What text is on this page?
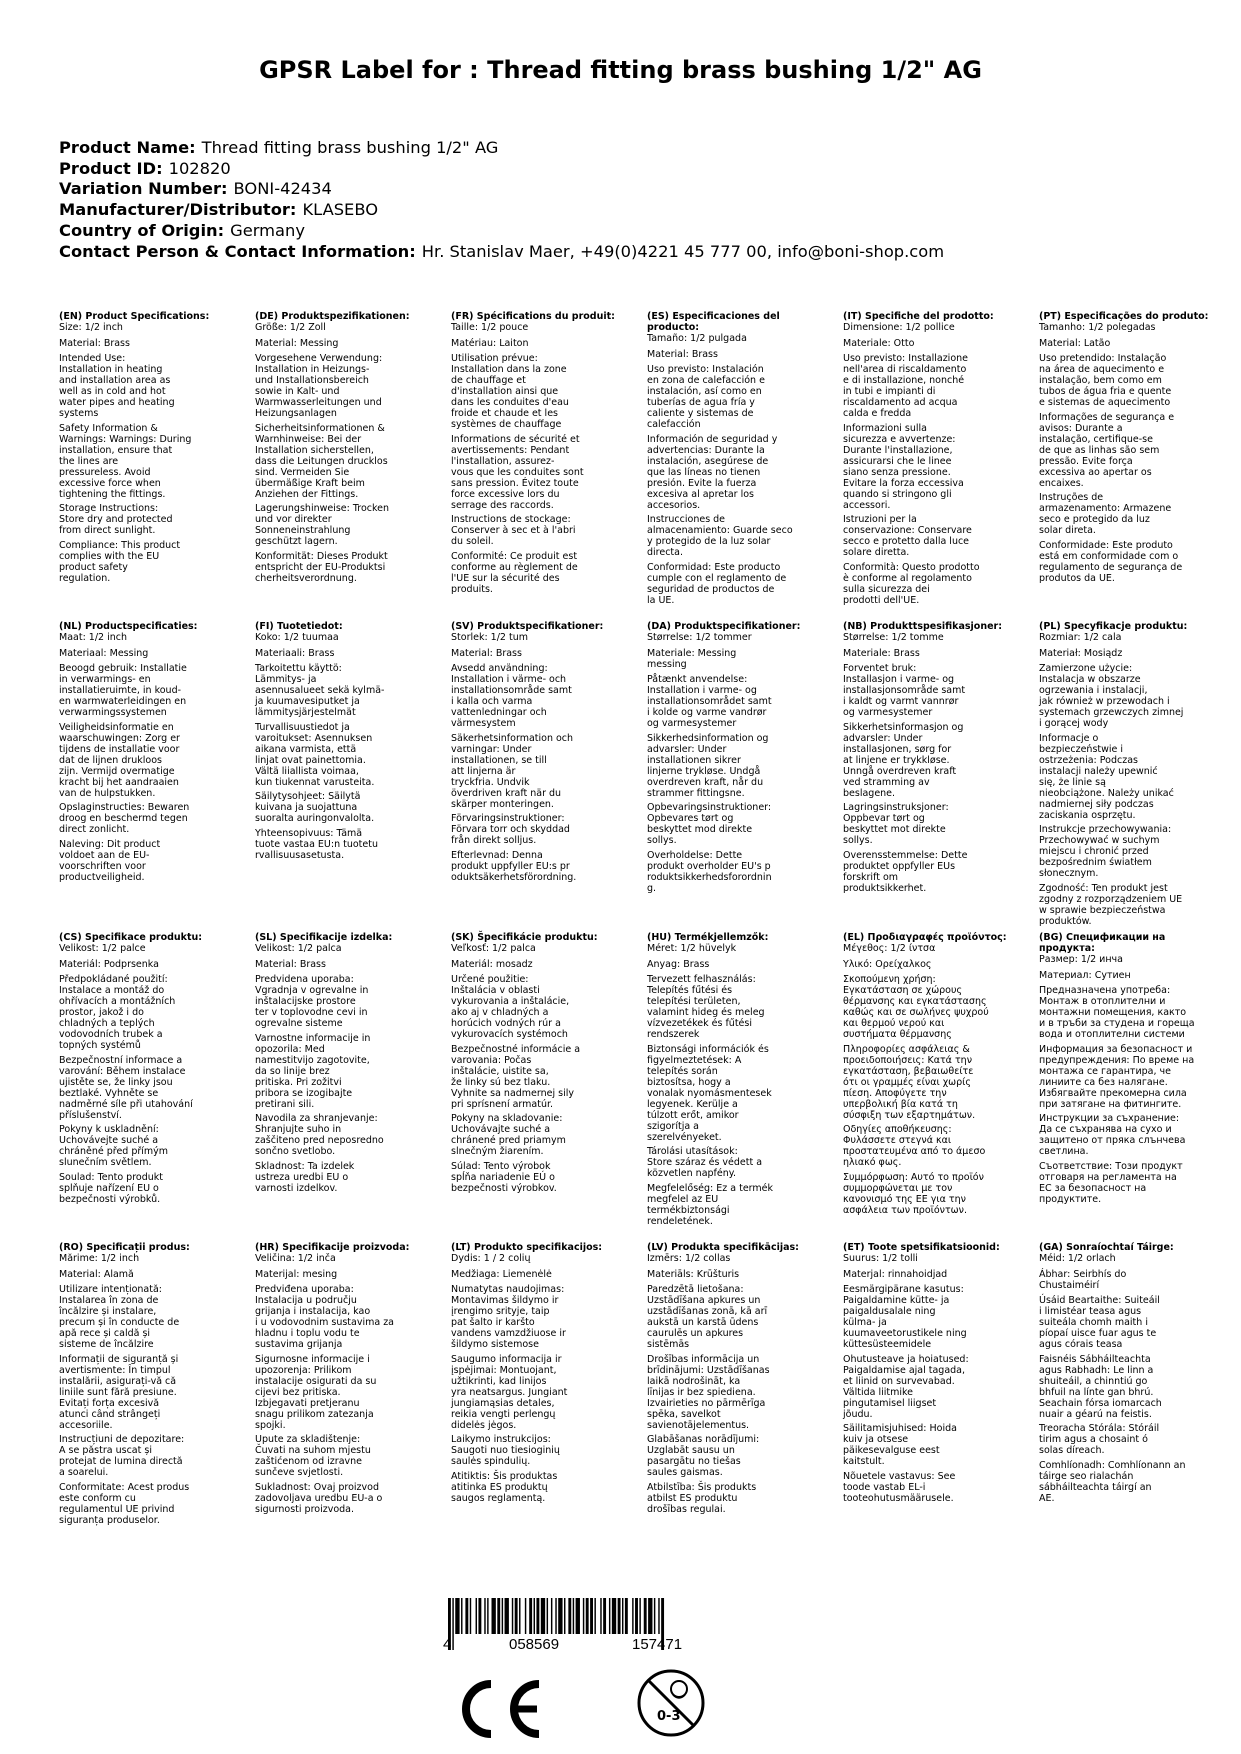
GPSR Label for : Thread fitting brass bushing 1/2" AG
Product Name: Thread fitting brass bushing 1/2" AG
Product ID: 102820
Variation Number: BONI-42434
Manufacturer/Distributor: KLASEBO
Country of Origin: Germany
Contact Person & Contact Information: Hr. Stanislav Maer, +49(0)4221 45 777 00, info@boni-shop.com
(EN) Product Specifications:
Size: 1/2 inch
Material: Brass
Intended Use:
Installation in heating
and installation area as
well as in cold and hot
water pipes and heating
systems
Safety Information &
Warnings: Warnings: During
installation, ensure that
the lines are
pressureless. Avoid
excessive force when
tightening the fittings.
Storage Instructions:
Store dry and protected
from direct sunlight.
Compliance: This product
complies with the EU
product safety
regulation.
(DE) Produktspezifikationen:
Größe: 1/2 Zoll
Material: Messing
Vorgesehene Verwendung:
Installation in Heizungs-
und Installationsbereich
sowie in Kalt- und
Warmwasserleitungen und
Heizungsanlagen
Sicherheitsinformationen &
Warnhinweise: Bei der
Installation sicherstellen,
dass die Leitungen drucklos
sind. Vermeiden Sie
übermäßige Kraft beim
Anziehen der Fittings.
Lagerungshinweise: Trocken
und vor direkter
Sonneneinstrahlung
geschützt lagern.
Konformität: Dieses Produkt
entspricht der EU-Produktsi
cherheitsverordnung.
(FR) Spécifications du produit:
Taille: 1/2 pouce
Matériau: Laiton
Utilisation prévue:
Installation dans la zone
de chauffage et
d'installation ainsi que
dans les conduites d'eau
froide et chaude et les
systèmes de chauffage
Informations de sécurité et
avertissements: Pendant
l'installation, assurez-
vous que les conduites sont
sans pression. Évitez toute
force excessive lors du
serrage des raccords.
Instructions de stockage:
Conserver à sec et à l'abri
du soleil.
Conformité: Ce produit est
conforme au règlement de
l'UE sur la sécurité des
produits.
(ES) Especificaciones del producto:
Tamaño: 1/2 pulgada
Material: Brass
Uso previsto: Instalación
en zona de calefacción e
instalación, así como en
tuberías de agua fría y
caliente y sistemas de
calefacción
Información de seguridad y
advertencias: Durante la
instalación, asegúrese de
que las líneas no tienen
presión. Evite la fuerza
excesiva al apretar los
accesorios.
Instrucciones de
almacenamiento: Guarde seco
y protegido de la luz solar
directa.
Conformidad: Este producto
cumple con el reglamento de
seguridad de productos de
la UE.
(IT) Specifiche del prodotto:
Dimensione: 1/2 pollice
Materiale: Otto
Uso previsto: Installazione
nell'area di riscaldamento
e di installazione, nonché
in tubi e impianti di
riscaldamento ad acqua
calda e fredda
Informazioni sulla
sicurezza e avvertenze:
Durante l'installazione,
assicurarsi che le linee
siano senza pressione.
Evitare la forza eccessiva
quando si stringono gli
accessori.
Istruzioni per la
conservazione: Conservare
secco e protetto dalla luce
solare diretta.
Conformità: Questo prodotto
è conforme al regolamento
sulla sicurezza dei
prodotti dell'UE.
(PT) Especificações do produto:
Tamanho: 1/2 polegadas
Material: Latão
Uso pretendido: Instalação
na área de aquecimento e
instalação, bem como em
tubos de água fria e quente
e sistemas de aquecimento
Informações de segurança e
avisos: Durante a
instalação, certifique-se
de que as linhas são sem
pressão. Evite força
excessiva ao apertar os
encaixes.
Instruções de
armazenamento: Armazene
seco e protegido da luz
solar direta.
Conformidade: Este produto
está em conformidade com o
regulamento de segurança de
produtos da UE.
(NL) Productspecificaties:
Maat: 1/2 inch
Materiaal: Messing
Beoogd gebruik: Installatie
in verwarmings- en
installatieruimte, in koud-
en warmwaterleidingen en
verwarmingssystemen
Veiligheidsinformatie en
waarschuwingen: Zorg er
tijdens de installatie voor
dat de lijnen drukloos
zijn. Vermijd overmatige
kracht bij het aandraaien
van de hulpstukken.
Opslaginstructies: Bewaren
droog en beschermd tegen
direct zonlicht.
Naleving: Dit product
voldoet aan de EU-
voorschriften voor
productveiligheid.
(FI) Tuotetiedot:
Koko: 1/2 tuumaa
Materiaali: Brass
Tarkoitettu käyttö:
Lämmitys- ja
asennusalueet sekä kylmä-
ja kuumavesiputket ja
lämmitysjärjestelmät
Turvallisuustiedot ja
varoitukset: Asennuksen
aikana varmista, että
linjat ovat painettomia.
Vältä liiallista voimaa,
kun tiukennat varusteita.
Säilytysohjeet: Säilytä
kuivana ja suojattuna
suoralta auringonvalolta.
Yhteensopivuus: Tämä
tuote vastaa EU:n tuotetu
rvallisuusasetusta.
(SV) Produktspecifikationer:
Storlek: 1/2 tum
Material: Brass
Avsedd användning:
Installation i värme- och
installationsområde samt
i kalla och varma
vattenledningar och
värmesystem
Säkerhetsinformation och
varningar: Under
installationen, se till
att linjerna är
tryckfria. Undvik
överdriven kraft när du
skärper monteringen.
Förvaringsinstruktioner:
Förvara torr och skyddad
från direkt solljus.
Efterlevnad: Denna
produkt uppfyller EU:s pr
oduktsäkerhetsförordning.
(DA) Produktspecifikationer:
Størrelse: 1/2 tommer
Materiale: Messing
messing
Påtænkt anvendelse:
Installation i varme- og
installationsområdet samt
i kolde og varme vandrør
og varmesystemer
Sikkerhedsinformation og
advarsler: Under
installationen sikrer
linjerne trykløse. Undgå
overdreven kraft, når du
strammer fittingsne.
Opbevaringsinstruktioner:
Opbevares tørt og
beskyttet mod direkte
sollys.
Overholdelse: Dette
produkt overholder EU's p
roduktsikkerhedsforordnin
g.
(NB) Produkttspesifikasjoner:
Størrelse: 1/2 tomme
Materiale: Brass
Forventet bruk:
Installasjon i varme- og
installasjonsområde samt
i kaldt og varmt vannrør
og varmesystemer
Sikkerhetsinformasjon og
advarsler: Under
installasjonen, sørg for
at linjene er trykkløse.
Unngå overdreven kraft
ved stramming av
beslagene.
Lagringsinstruksjoner:
Oppbevar tørt og
beskyttet mot direkte
sollys.
Overensstemmelse: Dette
produktet oppfyller EUs
forskrift om
produktsikkerhet.
(PL) Specyfikacje produktu:
Rozmiar: 1/2 cala
Materiał: Mosiądz
Zamierzone użycie:
Instalacja w obszarze
ogrzewania i instalacji,
jak również w przewodach i
systemach grzewczych zimnej
i gorącej wody
Informacje o
bezpieczeństwie i
ostrzeżenia: Podczas
instalacji należy upewnić
się, że linie są
nieobciążone. Należy unikać
nadmiernej siły podczas
zaciskania osprzętu.
Instrukcje przechowywania:
Przechowywać w suchym
miejscu i chronić przed
bezpośrednim światłem
słonecznym.
Zgodność: Ten produkt jest
zgodny z rozporządzeniem UE
w sprawie bezpieczeństwa
produktów.
(CS) Specifikace produktu:
Velikost: 1/2 palce
Materiál: Podprsenka
Předpokládané použití:
Instalace a montáž do
ohřívacích a montážních
prostor, jakož i do
chladných a teplých
vodovodních trubek a
topných systémů
Bezpečnostní informace a
varování: Během instalace
ujistěte se, že linky jsou
beztlaké. Vyhněte se
nadměrné síle při utahování
příslušenství.
Pokyny k uskladnění:
Uchovávejte suché a
chráněné před přímým
slunečním světlem.
Soulad: Tento produkt
splňuje nařízení EU o
bezpečnosti výrobků.
(SL) Specifikacije izdelka:
Velikost: 1/2 palca
Material: Brass
Predvidena uporaba:
Vgradnja v ogrevalne in
inštalacijske prostore
ter v toplovodne cevi in
ogrevalne sisteme
Varnostne informacije in
opozorila: Med
namestitvijo zagotovite,
da so linije brez
pritiska. Pri zožitvi
pribora se izogibajte
pretirani sili.
Navodila za shranjevanje:
Shranjujte suho in
zaščiteno pred neposredno
sončno svetlobo.
Skladnost: Ta izdelek
ustreza uredbi EU o
varnosti izdelkov.
(SK) Špecifikácie produktu:
Veľkosť: 1/2 palca
Materiál: mosadz
Určené použitie:
Inštalácia v oblasti
vykurovania a inštalácie,
ako aj v chladných a
horúcich vodných rúr a
vykurovacích systémoch
Bezpečnostné informácie a
varovania: Počas
inštalácie, uistite sa,
že linky sú bez tlaku.
Vyhnite sa nadmernej sily
pri sprísnení armatúr.
Pokyny na skladovanie:
Uchovávajte suché a
chránené pred priamym
slnečným žiarením.
Súlad: Tento výrobok
spĺňa nariadenie EÚ o
bezpečnosti výrobkov.
(HU) Termékjellemzők:
Méret: 1/2 hüvelyk
Anyag: Brass
Tervezett felhasználás:
Telepítés fűtési és
telepítési területen,
valamint hideg és meleg
vízvezetékek és fűtési
rendszerek
Biztonsági információk és
figyelmeztetések: A
telepítés során
biztosítsa, hogy a
vonalak nyomásmentesek
legyenek. Kerülje a
túlzott erőt, amikor
szigorítja a
szerelvényeket.
Tárolási utasítások:
Store száraz és védett a
közvetlen napfény.
Megfelelőség: Ez a termék
megfelel az EU
termékbiztonsági
rendeletének.
(EL) Προδιαγραφές προϊόντος:
Μέγεθος: 1/2 ίντσα
Υλικό: Ορείχαλκος
Σκοπούμενη χρήση:
Εγκατάσταση σε χώρους
θέρμανσης και εγκατάστασης
καθώς και σε σωλήνες ψυχρού
και θερμού νερού και
συστήματα θέρμανσης
Πληροφορίες ασφάλειας &
προειδοποιήσεις: Κατά την
εγκατάσταση, βεβαιωθείτε
ότι οι γραμμές είναι χωρίς
πίεση. Αποφύγετε την
υπερβολική βία κατά τη
σύσφιξη των εξαρτημάτων.
Οδηγίες αποθήκευσης:
Φυλάσσετε στεγνά και
προστατευμένα από το άμεσο
ηλιακό φως.
Συμμόρφωση: Αυτό το προϊόν
συμμορφώνεται με τον
κανονισμό της ΕΕ για την
ασφάλεια των προϊόντων.
(BG) Спецификации на продукта:
Размер: 1/2 инча
Материал: Сутиен
Предназначена употреба:
Монтаж в отоплителни и
монтажни помещения, както
и в тръби за студена и гореща
вода и отоплителни системи
Информация за безопасност и
предупреждения: По време на
монтажа се гарантира, че
линиите са без налягане.
Избягвайте прекомерна сила
при затягане на фитингите.
Инструкции за съхранение:
Да се съхранява на сухо и
защитено от пряка слънчева
светлина.
Съответствие: Този продукт
отговаря на регламента на
ЕС за безопасност на
продуктите.
(RO) Specificații produs:
Mărime: 1/2 inch
Material: Alamă
Utilizare intenționată:
Instalarea în zona de
încălzire și instalare,
precum și în conducte de
apă rece și caldă și
sisteme de încălzire
Informații de siguranță și
avertismente: În timpul
instalării, asigurați-vă că
liniile sunt fără presiune.
Evitați forța excesivă
atunci când strângeți
accesoriile.
Instrucțiuni de depozitare:
A se păstra uscat și
protejat de lumina directă
a soarelui.
Conformitate: Acest produs
este conform cu
regulamentul UE privind
siguranța produselor.
(HR) Specifikacije proizvoda:
Veličina: 1/2 inča
Materijal: mesing
Predviđena uporaba:
Instalacija u području
grijanja i instalacija, kao
i u vodovodnim sustavima za
hladnu i toplu vodu te
sustavima grijanja
Sigurnosne informacije i
upozorenja: Prilikom
instalacije osigurati da su
cijevi bez pritiska.
Izbjegavati pretjeranu
snagu prilikom zatezanja
spojki.
Upute za skladištenje:
Čuvati na suhom mjestu
zaštićenom od izravne
sunčeve svjetlosti.
Sukladnost: Ovaj proizvod
zadovoljava uredbu EU-a o
sigurnosti proizvoda.
(LT) Produkto specifikacijos:
Dydis: 1 / 2 colių
Medžiaga: Liemenėlė
Numatytas naudojimas:
Montavimas šildymo ir
įrengimo srityje, taip
pat šalto ir karšto
vandens vamzdžiuose ir
šildymo sistemose
Saugumo informacija ir
įspėjimai: Montuojant,
užtikrinti, kad linijos
yra neatsargus. Jungiant
jungiamąsias detales,
reikia vengti perlengų
didelės jėgos.
Laikymo instrukcijos:
Saugoti nuo tiesioginių
saulės spindulių.
Atitiktis: Šis produktas
atitinka ES produktų
saugos reglamentą.
(LV) Produkta specifikācijas:
Izmērs: 1/2 collas
Materiāls: Krūšturis
Paredzētā lietošana:
Uzstādīšana apkures un
uzstādīšanas zonā, kā arī
aukstā un karstā ūdens
caurulēs un apkures
sistēmās
Drošības informācija un
brīdinājumi: Uzstādīšanas
laikā nodrošināt, ka
līnijas ir bez spiediena.
Izvairieties no pārmērīga
spēka, savelkot
savienotājelementus.
Glabāšanas norādījumi:
Uzglabāt sausu un
pasargātu no tiešas
saules gaismas.
Atbilstība: Šis produkts
atbilst ES produktu
drošības regulai.
(ET) Toote spetsifikatsioonid:
Suurus: 1/2 tolli
Materjal: rinnahoidjad
Eesmärgipärane kasutus:
Paigaldamine kütte- ja
paigaldusalale ning
külma- ja
kuumaveetorustikele ning
küttesüsteemidele
Ohutusteave ja hoiatused:
Paigaldamise ajal tagada,
et liinid on survevabad.
Vältida liitmike
pingutamisel liigset
jõudu.
Säilitamisjuhised: Hoida
kuiv ja otsese
päikesevalguse eest
kaitstult.
Nõuetele vastavus: See
toode vastab EL-i
tooteohutusmäärusele.
(GA) Sonraíochtaí Táirge:
Méid: 1/2 orlach
Ábhar: Seirbhís do
Chustaiméirí
Úsáid Beartaithe: Suiteáil
i limistéar teasa agus
suiteála chomh maith i
píopaí uisce fuar agus te
agus córais teasa
Faisnéis Sábháilteachta
agus Rabhadh: Le linn a
shuiteáil, a chinntiú go
bhfuil na línte gan bhrú.
Seachain fórsa iomarcach
nuair a géarú na feistis.
Treoracha Stórála: Stóráil
tirim agus a chosaint ó
solas díreach.
Comhlíonadh: Comhlíonann an
táirge seo rialachán
sábháilteachta táirgí an
AE.
4	058569	157471
0-3
